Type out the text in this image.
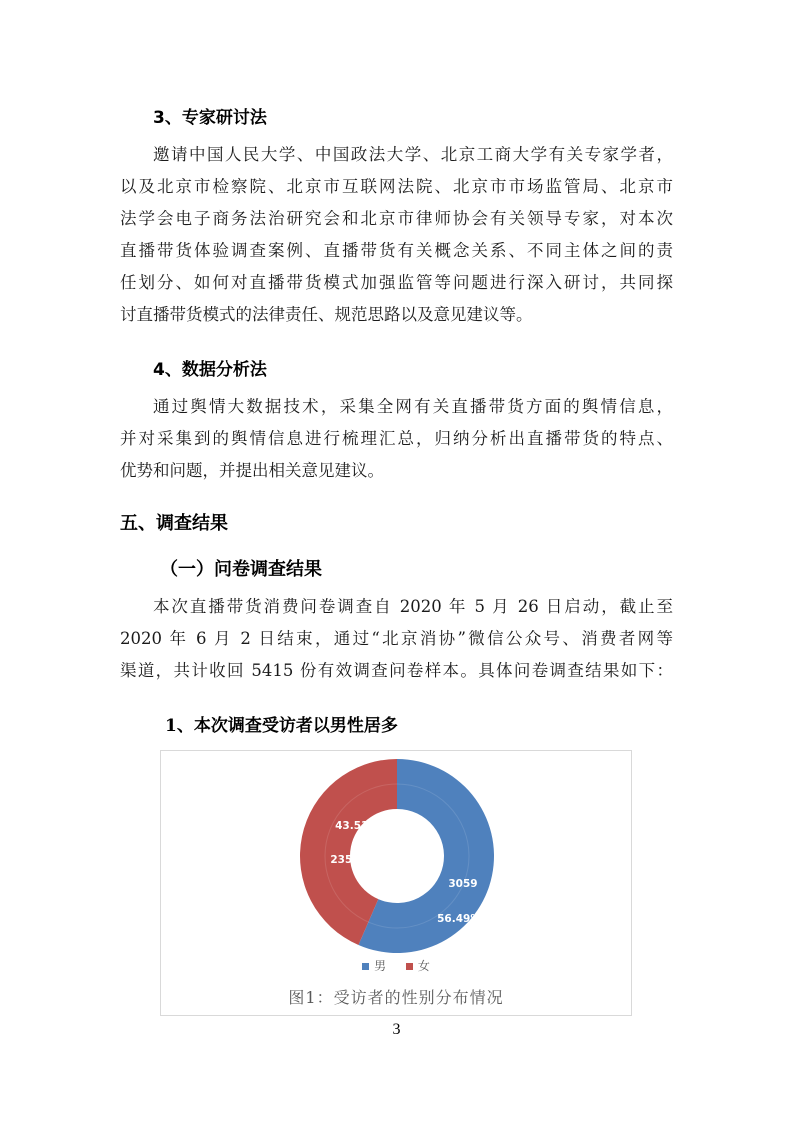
3、专家研讨法
邀请中国人民大学、中国政法大学、北京工商大学有关专家学者，
以及北京市检察院、北京市互联网法院、北京市市场监管局、北京市
法学会电子商务法治研究会和北京市律师协会有关领导专家，对本次
直播带货体验调查案例、直播带货有关概念关系、不同主体之间的责
任划分、如何对直播带货模式加强监管等问题进行深入研讨，共同探
讨直播带货模式的法律责任、规范思路以及意见建议等。
4、数据分析法
通过舆情大数据技术，采集全网有关直播带货方面的舆情信息，
并对采集到的舆情信息进行梳理汇总，归纳分析出直播带货的特点、
优势和问题，并提出相关意见建议。
五、调查结果
（一）问卷调查结果
本次直播带货消费问卷调查自 2020 年 5 月 26 日启动，截止至
2020 年 6 月 2 日结束，通过“北京消协”微信公众号、消费者网等
渠道，共计收回 5415 份有效调查问卷样本。具体问卷调查结果如下：
1、本次调查受访者以男性居多
43.51%
2356
3059
56.49%
男	女
图1：受访者的性别分布情况
3
